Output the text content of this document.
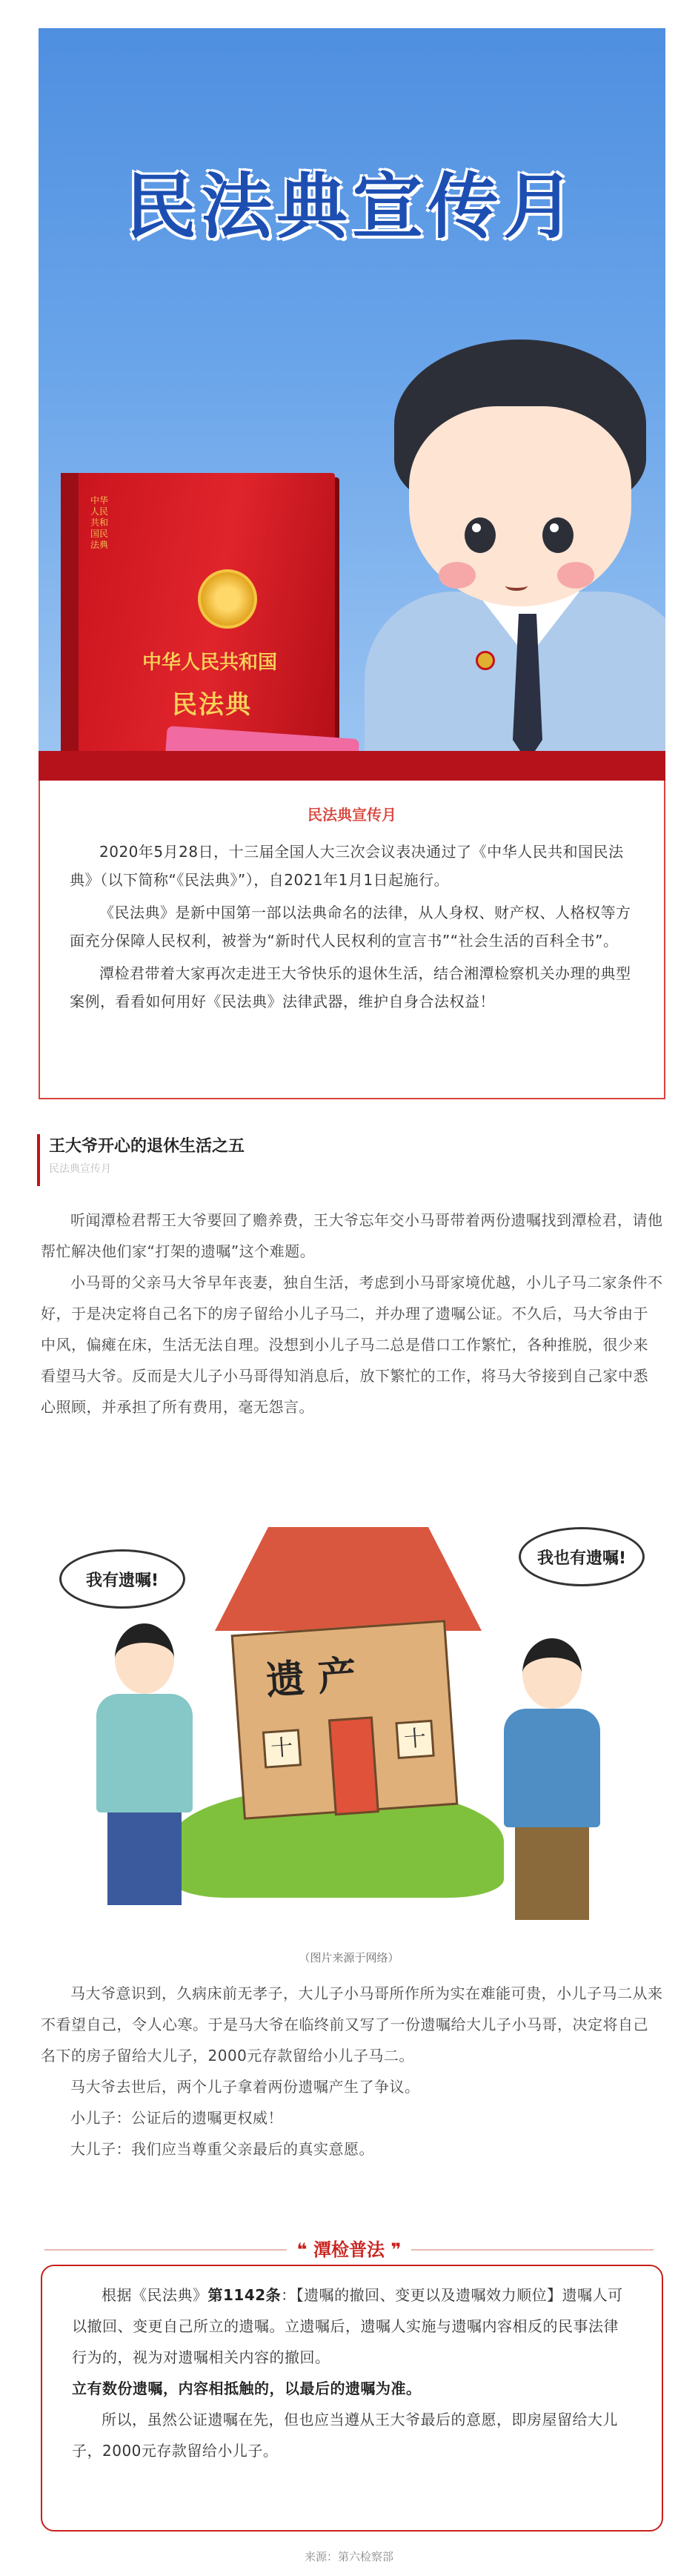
民法典宣传月
中华人民共和国民法典
中华人民共和国
民法典
民法典宣传月

2020年5月28日，十三届全国人大三次会议表决通过了《中华人民共和国民法典》（以下简称“《民法典》”），自2021年1月1日起施行。

《民法典》是新中国第一部以法典命名的法律，从人身权、财产权、人格权等方面充分保障人民权利，被誉为“新时代人民权利的宣言书”“社会生活的百科全书”。

潭检君带着大家再次走进王大爷快乐的退休生活，结合湘潭检察机关办理的典型案例，看看如何用好《民法典》法律武器，维护自身合法权益！

王大爷开心的退休生活之五
民法典宣传月

听闻潭检君帮王大爷要回了赡养费，王大爷忘年交小马哥带着两份遗嘱找到潭检君，请他帮忙解决他们家“打架的遗嘱”这个难题。

小马哥的父亲马大爷早年丧妻，独自生活，考虑到小马哥家境优越，小儿子马二家条件不好，于是决定将自己名下的房子留给小儿子马二，并办理了遗嘱公证。不久后，马大爷由于中风，偏瘫在床，生活无法自理。没想到小儿子马二总是借口工作繁忙，各种推脱，很少来看望马大爷。反而是大儿子小马哥得知消息后，放下繁忙的工作，将马大爷接到自己家中悉心照顾，并承担了所有费用，毫无怨言。

遗产
十	十
我有遗嘱!
我也有遗嘱!
（图片来源于网络）

马大爷意识到，久病床前无孝子，大儿子小马哥所作所为实在难能可贵，小儿子马二从来不看望自己，令人心寒。于是马大爷在临终前又写了一份遗嘱给大儿子小马哥，决定将自己名下的房子留给大儿子，2000元存款留给小儿子马二。

马大爷去世后，两个儿子拿着两份遗嘱产生了争议。

小儿子：公证后的遗嘱更权威！

大儿子：我们应当尊重父亲最后的真实意愿。

❝ 潭检普法 ❞

根据《民法典》第1142条：【遗嘱的撤回、变更以及遗嘱效力顺位】遗嘱人可以撤回、变更自己所立的遗嘱。立遗嘱后，遗嘱人实施与遗嘱内容相反的民事法律行为的，视为对遗嘱相关内容的撤回。

立有数份遗嘱，内容相抵触的，以最后的遗嘱为准。

所以，虽然公证遗嘱在先，但也应当遵从王大爷最后的意愿，即房屋留给大儿子，2000元存款留给小儿子。

来源：第六检察部
